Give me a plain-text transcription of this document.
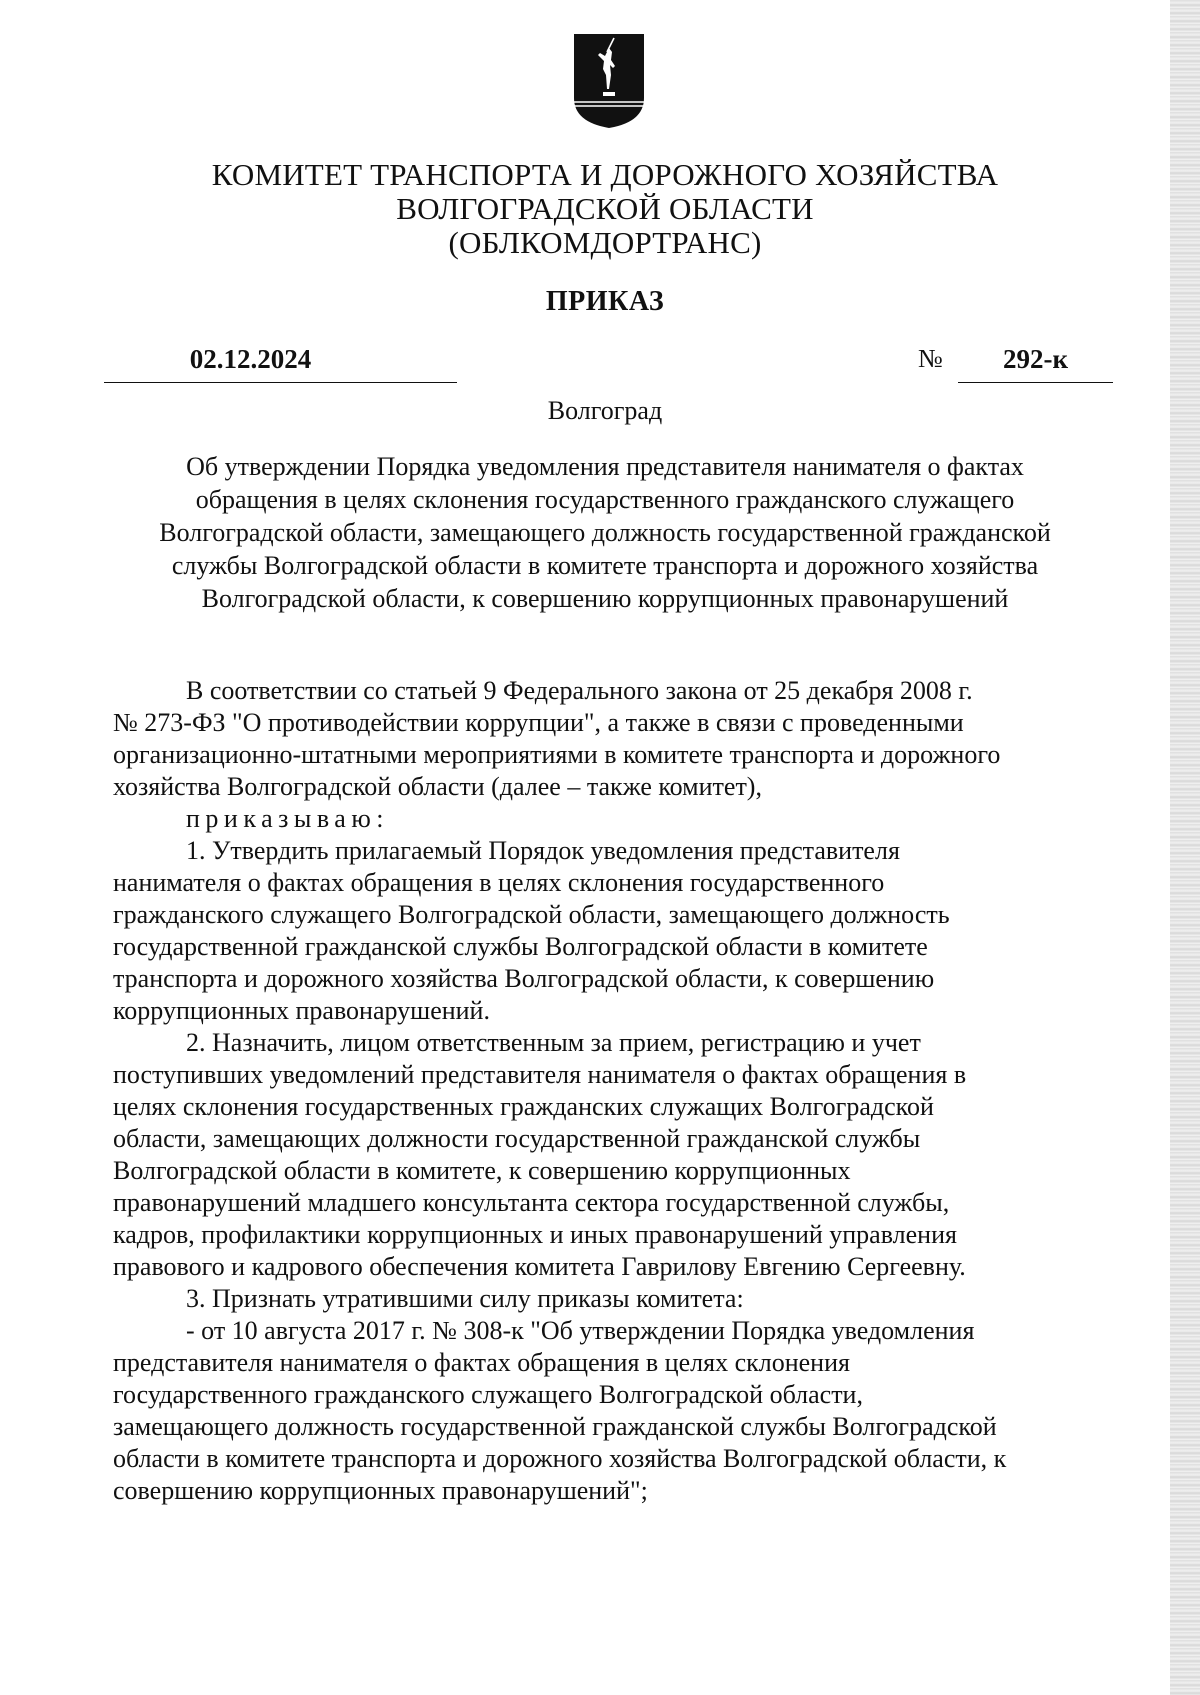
КОМИТЕТ ТРАНСПОРТА И ДОРОЖНОГО ХОЗЯЙСТВА
ВОЛГОГРАДСКОЙ ОБЛАСТИ
(ОБЛКОМДОРТРАНС)
ПРИКАЗ
02.12.2024	№	292-к
Волгоград
Об утверждении Порядка уведомления представителя нанимателя о фактах
обращения в целях склонения государственного гражданского служащего
Волгоградской области, замещающего должность государственной гражданской
службы Волгоградской области в комитете транспорта и дорожного хозяйства
Волгоградской области, к совершению коррупционных правонарушений
В соответствии со статьей 9 Федерального закона от 25 декабря 2008 г.
№ 273-ФЗ "О противодействии коррупции", а также в связи с проведенными
организационно-штатными мероприятиями в комитете транспорта и дорожного
хозяйства Волгоградской области (далее – также комитет),
приказываю:
1. Утвердить прилагаемый Порядок уведомления представителя
нанимателя о фактах обращения в целях склонения государственного
гражданского служащего Волгоградской области, замещающего должность
государственной гражданской службы Волгоградской области в комитете
транспорта и дорожного хозяйства Волгоградской области, к совершению
коррупционных правонарушений.
2. Назначить, лицом ответственным за прием, регистрацию и учет
поступивших уведомлений представителя нанимателя о фактах обращения в
целях склонения государственных гражданских служащих Волгоградской
области, замещающих должности государственной гражданской службы
Волгоградской области в комитете, к совершению коррупционных
правонарушений младшего консультанта сектора государственной службы,
кадров, профилактики коррупционных и иных правонарушений управления
правового и кадрового обеспечения комитета Гаврилову Евгению Сергеевну.
3. Признать утратившими силу приказы комитета:
- от 10 августа 2017 г. № 308-к "Об утверждении Порядка уведомления
представителя нанимателя о фактах обращения в целях склонения
государственного гражданского служащего Волгоградской области,
замещающего должность государственной гражданской службы Волгоградской
области в комитете транспорта и дорожного хозяйства Волгоградской области, к
совершению коррупционных правонарушений";
